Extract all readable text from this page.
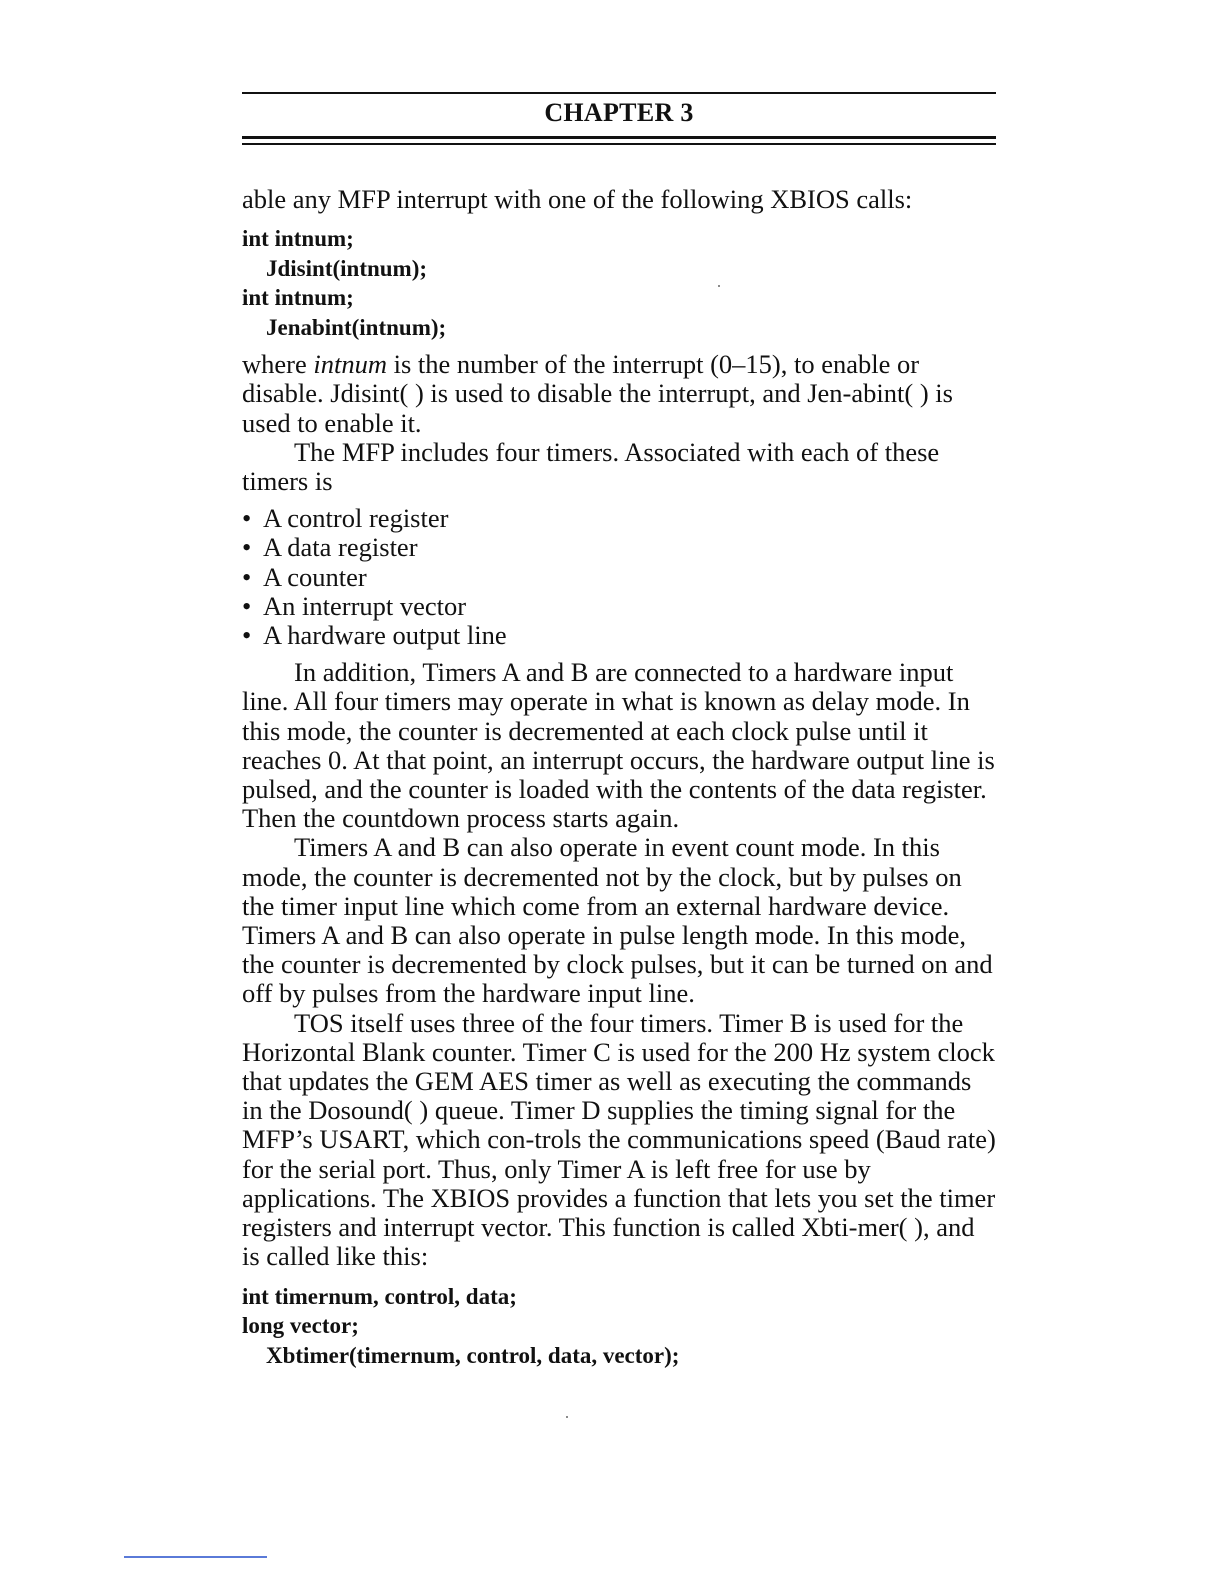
CHAPTER 3
able any MFP interrupt with one of the following XBIOS calls:
int intnum;
Jdisint(intnum);
int intnum;
Jenabint(intnum);

where intnum is the number of the interrupt (0–15), to enable or disable. Jdisint( ) is used to disable the interrupt, and Jen-abint( ) is used to enable it.

The MFP includes four timers. Associated with each of these timers is

• A control register
• A data register
• A counter
• An interrupt vector
• A hardware output line

In addition, Timers A and B are connected to a hardware input line. All four timers may operate in what is known as delay mode. In this mode, the counter is decremented at each clock pulse until it reaches 0. At that point, an interrupt occurs, the hardware output line is pulsed, and the counter is loaded with the contents of the data register. Then the countdown process starts again.

Timers A and B can also operate in event count mode. In this mode, the counter is decremented not by the clock, but by pulses on the timer input line which come from an external hardware device. Timers A and B can also operate in pulse length mode. In this mode, the counter is decremented by clock pulses, but it can be turned on and off by pulses from the hardware input line.

TOS itself uses three of the four timers. Timer B is used for the Horizontal Blank counter. Timer C is used for the 200 Hz system clock that updates the GEM AES timer as well as executing the commands in the Dosound( ) queue. Timer D supplies the timing signal for the MFP’s USART, which con-trols the communications speed (Baud rate) for the serial port. Thus, only Timer A is left free for use by applications. The XBIOS provides a function that lets you set the timer registers and interrupt vector. This function is called Xbti-mer( ), and is called like this:

int timernum, control, data;
long vector;
Xbtimer(timernum, control, data, vector);
